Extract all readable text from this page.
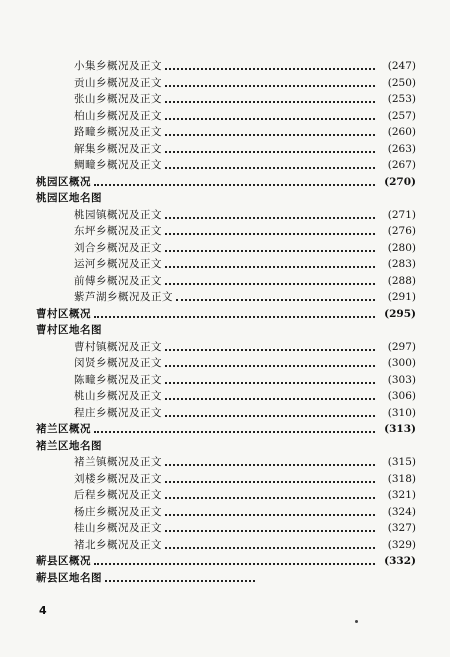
小集乡概况及正文	(247)
贡山乡概况及正文	(250)
张山乡概况及正文	(253)
柏山乡概况及正文	(257)
路疃乡概况及正文	(260)
解集乡概况及正文	(263)
鲷疃乡概况及正文	(267)
桃园区概况	(270)
桃园区地名图
桃园镇概况及正文	(271)
东坪乡概况及正文	(276)
刘合乡概况及正文	(280)
运河乡概况及正文	(283)
前傅乡概况及正文	(288)
紫芦湖乡概况及正文	(291)
曹村区概况	(295)
曹村区地名图
曹村镇概况及正文	(297)
闵贤乡概况及正文	(300)
陈疃乡概况及正文	(303)
桃山乡概况及正文	(306)
程庄乡概况及正文	(310)
褚兰区概况	(313)
褚兰区地名图
褚兰镇概况及正文	(315)
刘楼乡概况及正文	(318)
后程乡概况及正文	(321)
杨庄乡概况及正文	(324)
桂山乡概况及正文	(327)
褚北乡概况及正文	(329)
蕲县区概况	(332)
蕲县区地名图
4
